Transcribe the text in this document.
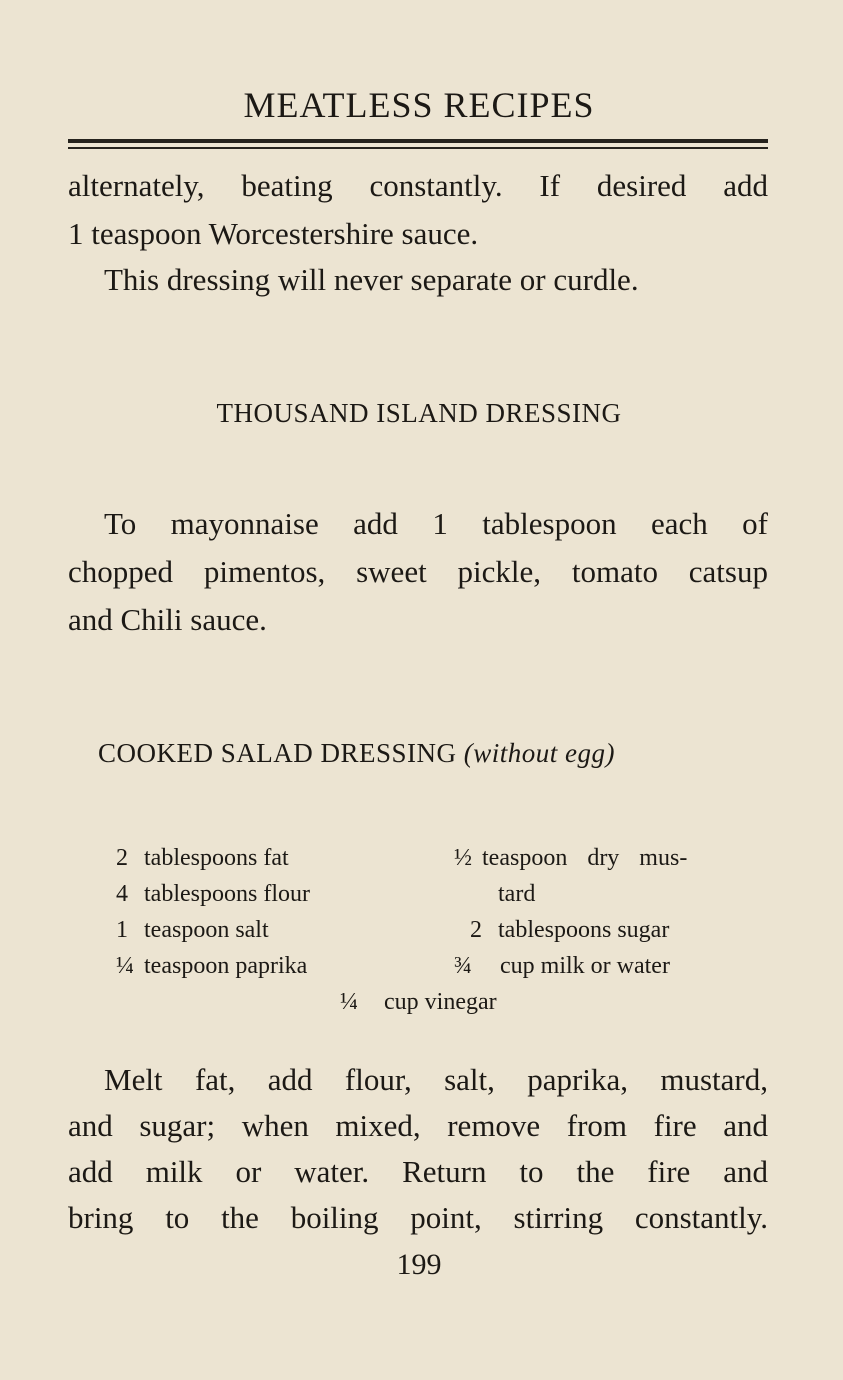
MEATLESS RECIPES
alternately, beating constantly. If desired add
1 teaspoon Worcestershire sauce.
This dressing will never separate or curdle.
THOUSAND ISLAND DRESSING
To mayonnaise add 1 tablespoon each of
chopped pimentos, sweet pickle, tomato catsup
and Chili sauce.
COOKED SALAD DRESSING (without egg)
2 tablespoons fat
4 tablespoons flour
1 teaspoon salt
¼ teaspoon paprika
½ teaspoon dry mus-
tard
2 tablespoons sugar
¾ cup milk or water
¼ cup vinegar
Melt fat, add flour, salt, paprika, mustard,
and sugar; when mixed, remove from fire and
add milk or water. Return to the fire and
bring to the boiling point, stirring constantly.
199
